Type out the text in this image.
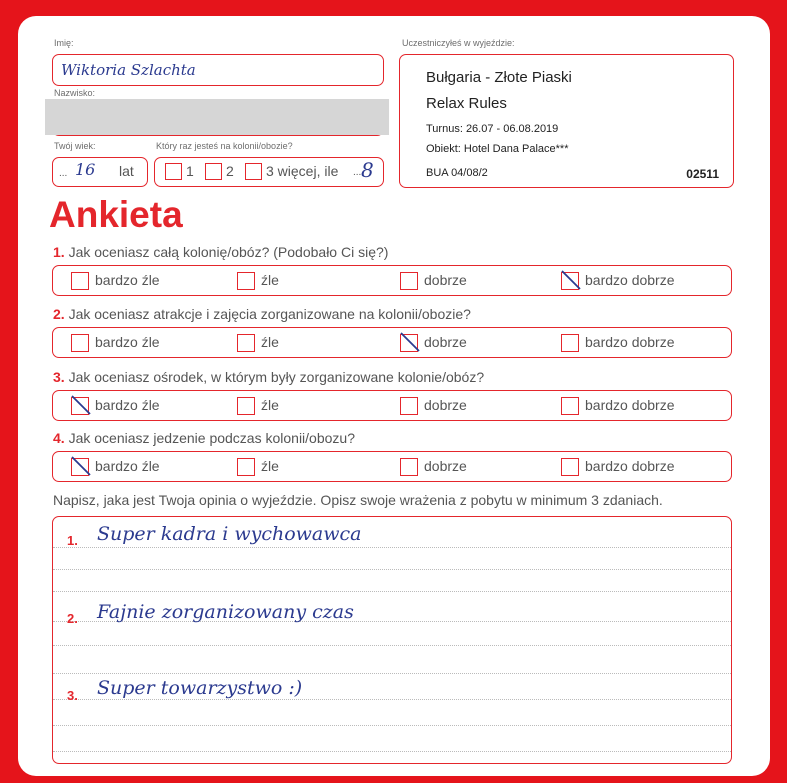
Imię:
Wiktoria Szlachta
Nazwisko:
Twój wiek:
... 16 lat
Który raz jesteś na kolonii/obozie?
1 2 3 więcej, ile ... 8
Uczestniczyłeś w wyjeździe:
Bułgaria - Złote Piaski
Relax Rules
Turnus: 26.07 - 06.08.2019
Obiekt: Hotel Dana Palace***
BUA 04/08/2	02511
Ankieta
1. Jak oceniasz całą kolonię/obóz? (Podobało Ci się?)
bardzo źle	źle	dobrze	bardzo dobrze
2. Jak oceniasz atrakcje i zajęcia zorganizowane na kolonii/obozie?
bardzo źle	źle	dobrze	bardzo dobrze
3. Jak oceniasz ośrodek, w którym były zorganizowane kolonie/obóz?
bardzo źle	źle	dobrze	bardzo dobrze
4. Jak oceniasz jedzenie podczas kolonii/obozu?
bardzo źle	źle	dobrze	bardzo dobrze
Napisz, jaka jest Twoja opinia o wyjeździe. Opisz swoje wrażenia z pobytu w minimum 3 zdaniach.
1. Super kadra i wychowawca
2. Fajnie zorganizowany czas
3. Super towarzystwo :)
